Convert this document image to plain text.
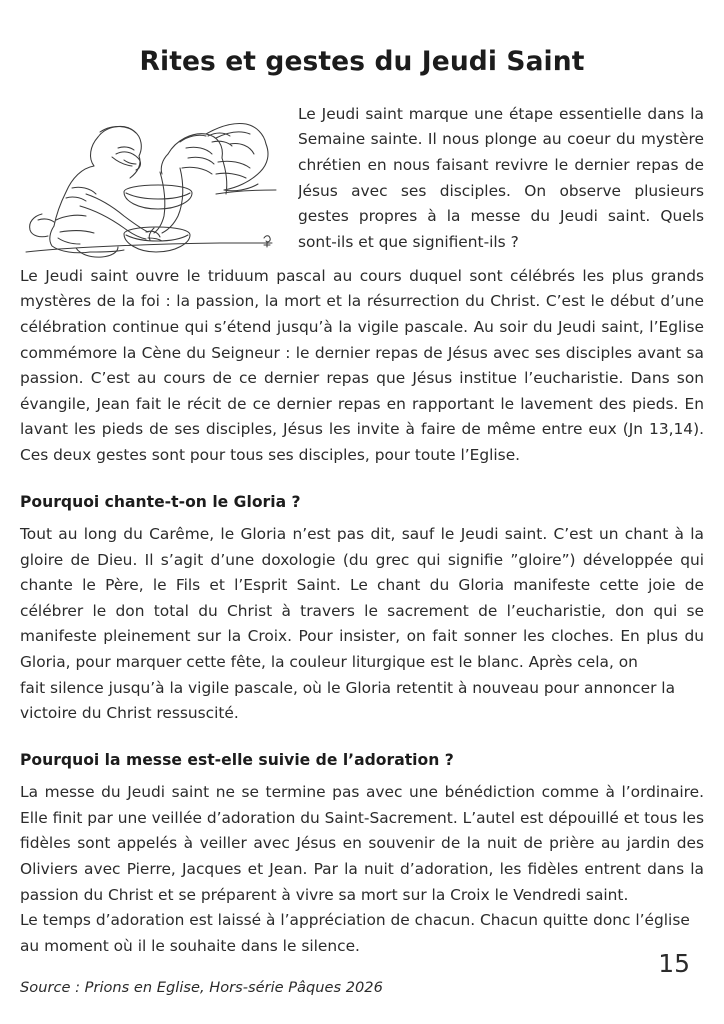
Rites et gestes du Jeudi Saint

Le Jeudi saint marque une étape essentielle dans la Semaine sainte. Il nous plonge au coeur du mystère chrétien en nous faisant revivre le dernier repas de Jésus avec ses disciples. On observe plusieurs gestes propres à la messe du Jeudi saint. Quels sont-ils et que signifient-ils ?

Le Jeudi saint ouvre le triduum pascal au cours duquel sont célébrés les plus grands mystères de la foi : la passion, la mort et la résurrection du Christ. C’est le début d’une célébration continue qui s’étend jusqu’à la vigile pascale. Au soir du Jeudi saint, l’Eglise commémore la Cène du Seigneur : le dernier repas de Jésus avec ses disciples avant sa passion. C’est au cours de ce dernier repas que Jésus institue l’eucharistie. Dans son évangile, Jean fait le récit de ce dernier repas en rapportant le lavement des pieds. En lavant les pieds de ses disciples, Jésus les invite à faire de même entre eux (Jn 13,14). Ces deux gestes sont pour tous ses disciples, pour toute l’Eglise.

Pourquoi chante-t-on le Gloria ?

Tout au long du Carême, le Gloria n’est pas dit, sauf le Jeudi saint. C’est un chant à la gloire de Dieu. Il s’agit d’une doxologie (du grec qui signifie ”gloire”) développée qui chante le Père, le Fils et l’Esprit Saint. Le chant du Gloria manifeste cette joie de célébrer le don total du Christ à travers le sacrement de l’eucharistie, don qui se manifeste pleinement sur la Croix. Pour insister, on fait sonner les cloches. En plus du Gloria, pour marquer cette fête, la couleur liturgique est le blanc. Après cela, on

fait silence jusqu’à la vigile pascale, où le Gloria retentit à nouveau pour annoncer la victoire du Christ ressuscité.

Pourquoi la messe est-elle suivie de l’adoration ?

La messe du Jeudi saint ne se termine pas avec une bénédiction comme à l’ordinaire. Elle finit par une veillée d’adoration du Saint-Sacrement. L’autel est dépouillé et tous les fidèles sont appelés à veiller avec Jésus en souvenir de la nuit de prière au jardin des Oliviers avec Pierre, Jacques et Jean. Par la nuit d’adoration, les fidèles entrent dans la passion du Christ et se préparent à vivre sa mort sur la Croix le Vendredi saint.

Le temps d’adoration est laissé à l’appréciation de chacun. Chacun quitte donc l’église au moment où il le souhaite dans le silence.

Source : Prions en Eglise, Hors-série Pâques 2026

15
